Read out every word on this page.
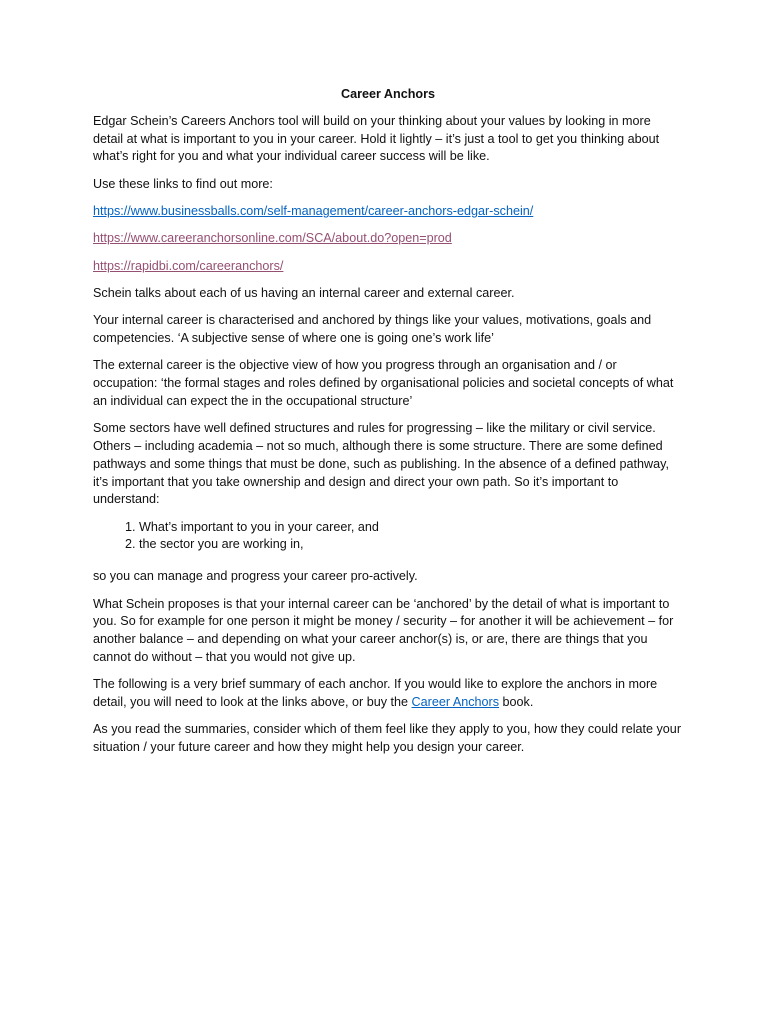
Career Anchors

Edgar Schein’s Careers Anchors tool will build on your thinking about your values by looking in more detail at what is important to you in your career. Hold it lightly – it’s just a tool to get you thinking about what’s right for you and what your individual career success will be like.

Use these links to find out more:

https://www.businessballs.com/self-management/career-anchors-edgar-schein/

https://www.careeranchorsonline.com/SCA/about.do?open=prod

https://rapidbi.com/careeranchors/

Schein talks about each of us having an internal career and external career.

Your internal career is characterised and anchored by things like your values, motivations, goals and competencies. ‘A subjective sense of where one is going one’s work life’

The external career is the objective view of how you progress through an organisation and / or occupation: ‘the formal stages and roles defined by organisational policies and societal concepts of what an individual can expect the in the occupational structure’

Some sectors have well defined structures and rules for progressing – like the military or civil service. Others – including academia – not so much, although there is some structure. There are some defined pathways and some things that must be done, such as publishing. In the absence of a defined pathway, it’s important that you take ownership and design and direct your own path. So it’s important to understand:

1. What’s important to you in your career, and
2. the sector you are working in,

so you can manage and progress your career pro-actively.

What Schein proposes is that your internal career can be ‘anchored’ by the detail of what is important to you. So for example for one person it might be money / security – for another it will be achievement – for another balance – and depending on what your career anchor(s) is, or are, there are things that you cannot do without – that you would not give up.

The following is a very brief summary of each anchor. If you would like to explore the anchors in more detail, you will need to look at the links above, or buy the Career Anchors book.

As you read the summaries, consider which of them feel like they apply to you, how they could relate your situation / your future career and how they might help you design your career.
